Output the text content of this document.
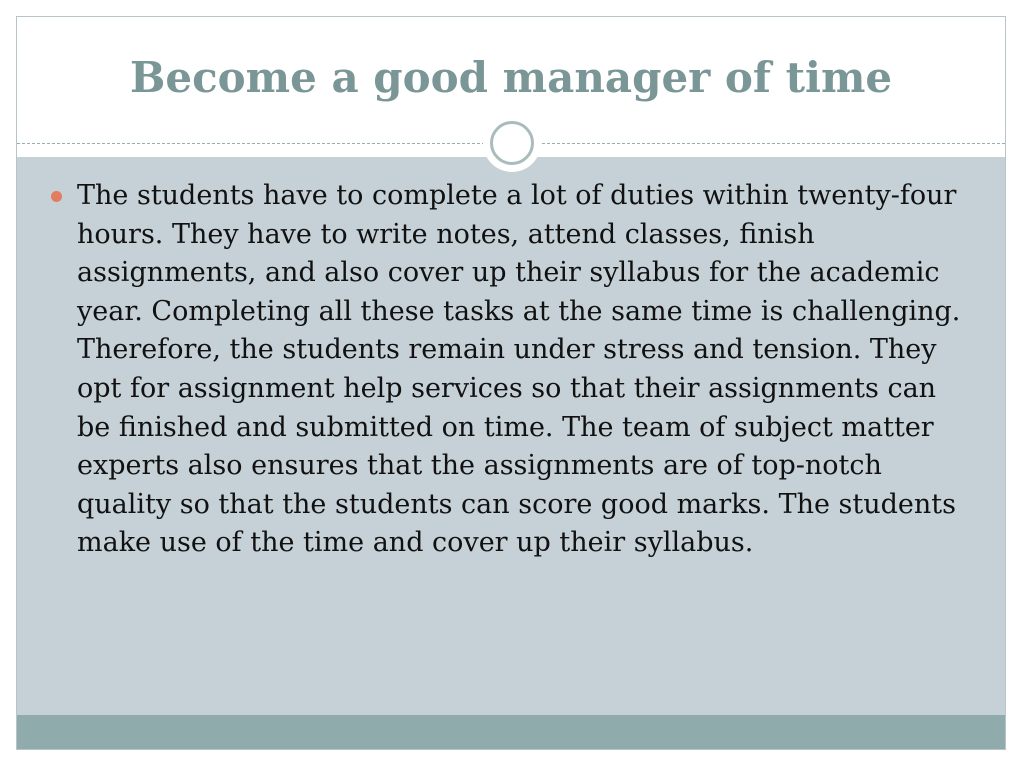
Become a good manager of time
The students have to complete a lot of duties within twenty-four hours. They have to write notes, attend classes, finish assignments, and also cover up their syllabus for the academic year. Completing all these tasks at the same time is challenging. Therefore, the students remain under stress and tension. They opt for assignment help services so that their assignments can be finished and submitted on time. The team of subject matter experts also ensures that the assignments are of top-notch quality so that the students can score good marks. The students make use of the time and cover up their syllabus.
